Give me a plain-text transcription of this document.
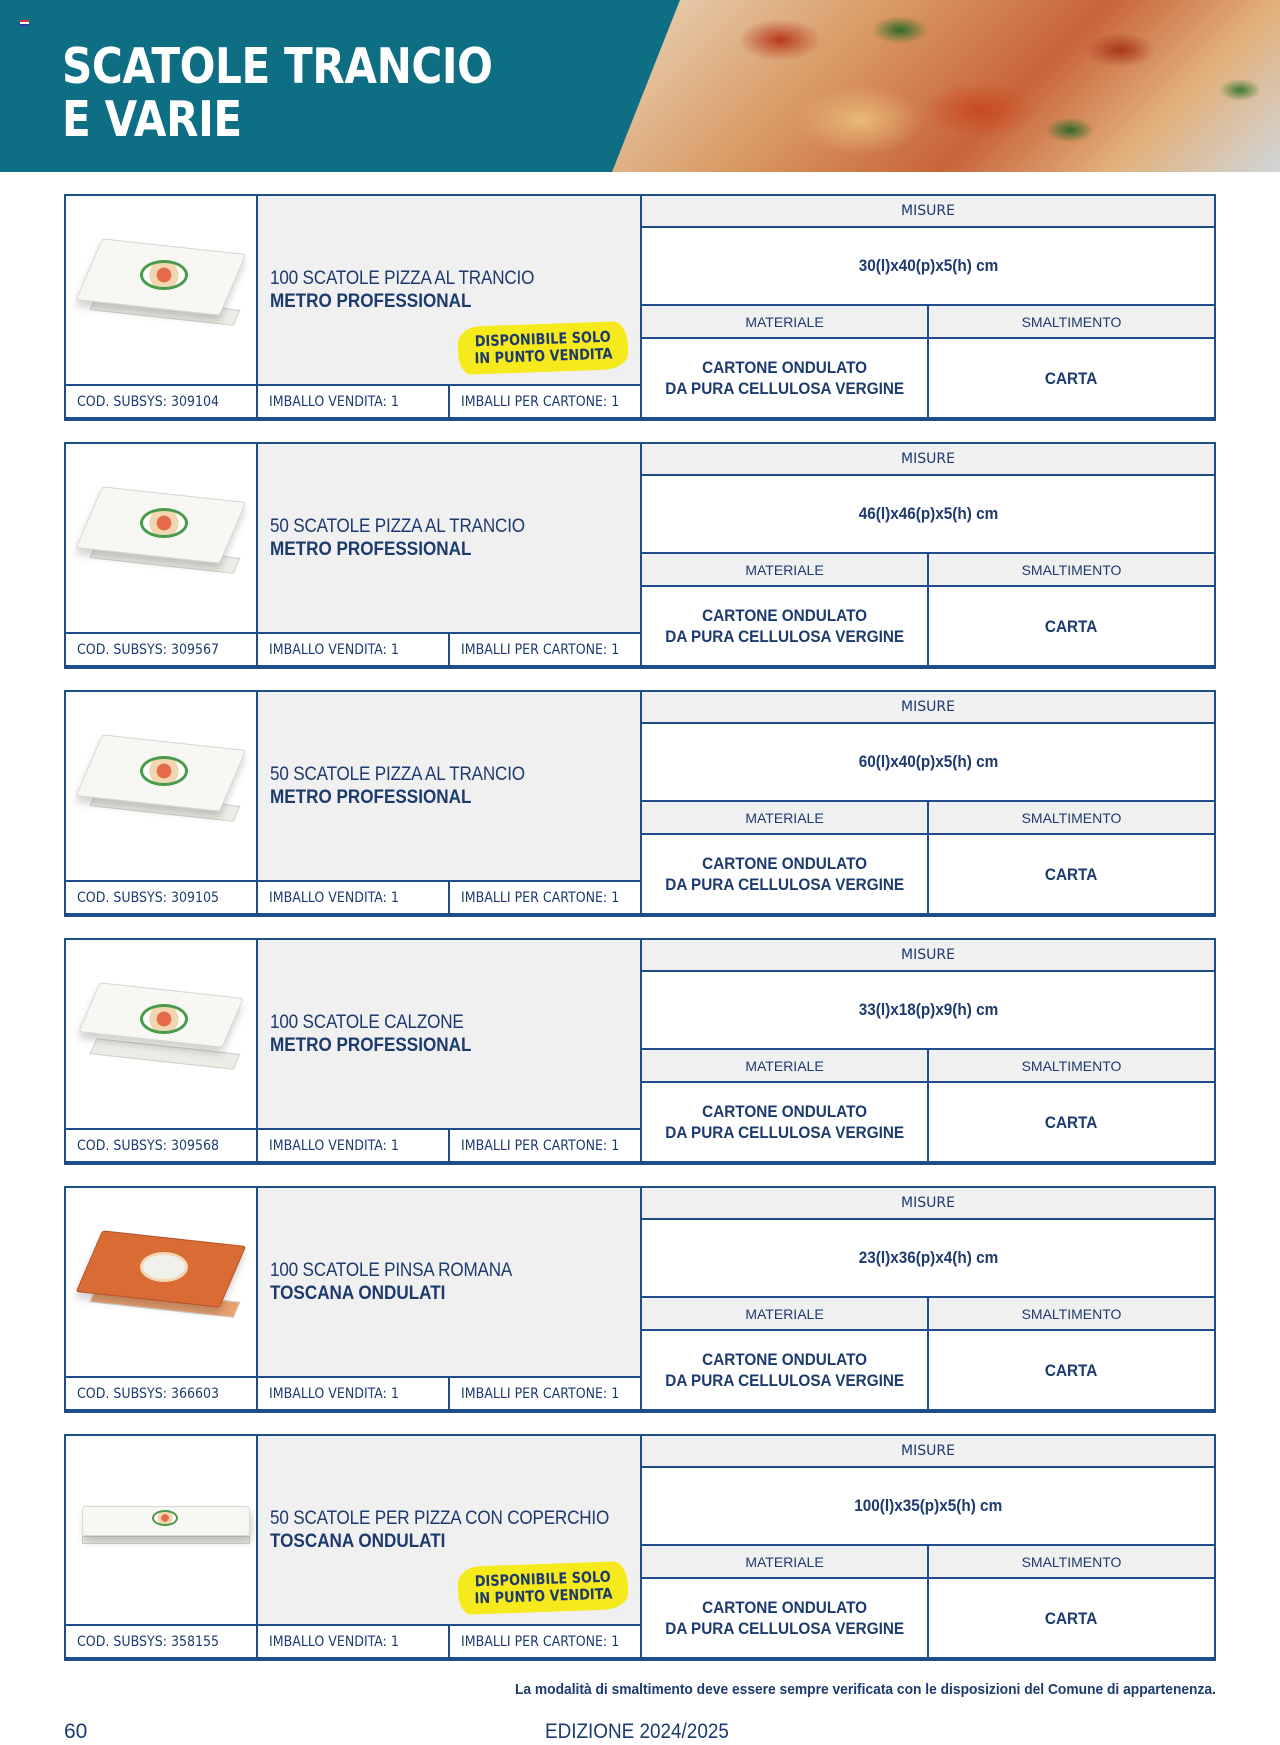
SCATOLE TRANCIO
E VARIE
100 SCATOLE PIZZA AL TRANCIO
METRO PROFESSIONAL
DISPONIBILE SOLO
IN PUNTO VENDITA
COD. SUBSYS: 309104	IMBALLO VENDITA: 1	IMBALLI PER CARTONE: 1
MISURE
30(l)x40(p)x5(h) cm
MATERIALE	SMALTIMENTO
CARTONE ONDULATO
DA PURA CELLULOSA VERGINE
CARTA
50 SCATOLE PIZZA AL TRANCIO
METRO PROFESSIONAL
COD. SUBSYS: 309567	IMBALLO VENDITA: 1	IMBALLI PER CARTONE: 1
MISURE
46(l)x46(p)x5(h) cm
MATERIALE	SMALTIMENTO
CARTONE ONDULATO
DA PURA CELLULOSA VERGINE
CARTA
50 SCATOLE PIZZA AL TRANCIO
METRO PROFESSIONAL
COD. SUBSYS: 309105	IMBALLO VENDITA: 1	IMBALLI PER CARTONE: 1
MISURE
60(l)x40(p)x5(h) cm
MATERIALE	SMALTIMENTO
CARTONE ONDULATO
DA PURA CELLULOSA VERGINE
CARTA
100 SCATOLE CALZONE
METRO PROFESSIONAL
COD. SUBSYS: 309568	IMBALLO VENDITA: 1	IMBALLI PER CARTONE: 1
MISURE
33(l)x18(p)x9(h) cm
MATERIALE	SMALTIMENTO
CARTONE ONDULATO
DA PURA CELLULOSA VERGINE
CARTA
100 SCATOLE PINSA ROMANA
TOSCANA ONDULATI
COD. SUBSYS: 366603	IMBALLO VENDITA: 1	IMBALLI PER CARTONE: 1
MISURE
23(l)x36(p)x4(h) cm
MATERIALE	SMALTIMENTO
CARTONE ONDULATO
DA PURA CELLULOSA VERGINE
CARTA
50 SCATOLE PER PIZZA CON COPERCHIO
TOSCANA ONDULATI
DISPONIBILE SOLO
IN PUNTO VENDITA
COD. SUBSYS: 358155	IMBALLO VENDITA: 1	IMBALLI PER CARTONE: 1
MISURE
100(l)x35(p)x5(h) cm
MATERIALE	SMALTIMENTO
CARTONE ONDULATO
DA PURA CELLULOSA VERGINE
CARTA
La modalità di smaltimento deve essere sempre verificata con le disposizioni del Comune di appartenenza.
60	EDIZIONE 2024/2025
